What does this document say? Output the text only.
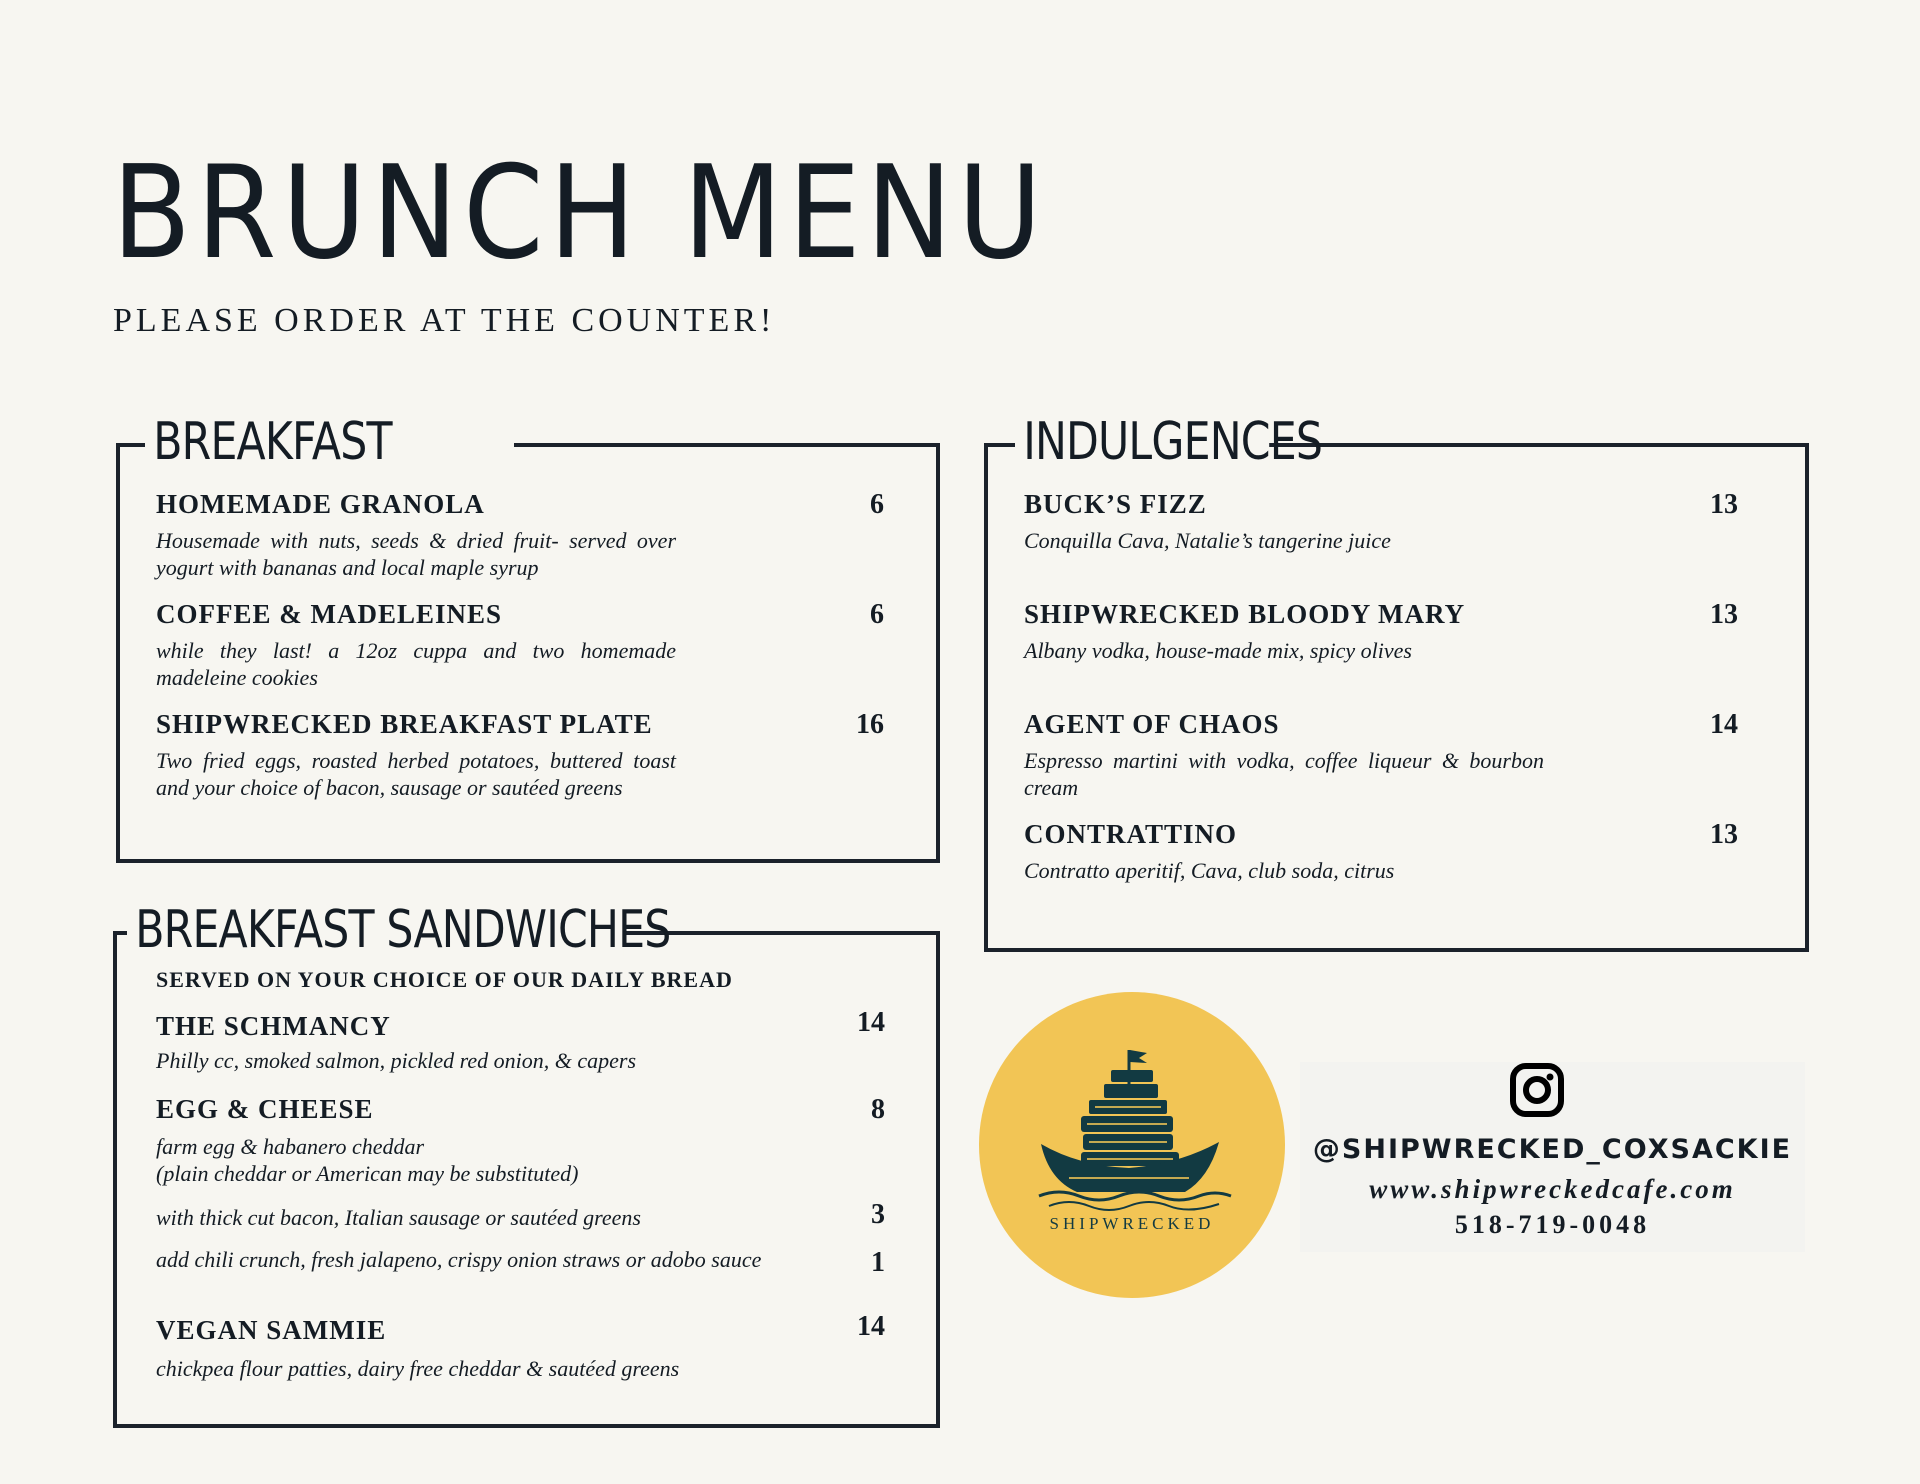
BRUNCH MENU
PLEASE ORDER AT THE COUNTER!
BREAKFAST
HOMEMADE GRANOLA	6
Housemade with nuts, seeds & dried fruit- served over yogurt with bananas and local maple syrup
COFFEE & MADELEINES	6
while they last! a 12oz cuppa and two homemade madeleine cookies
SHIPWRECKED BREAKFAST PLATE	16
Two fried eggs, roasted herbed potatoes, buttered toast and your choice of bacon, sausage or sautéed greens
BREAKFAST SANDWICHES
SERVED ON YOUR CHOICE OF OUR DAILY BREAD
THE SCHMANCY	14
Philly cc, smoked salmon, pickled red onion, & capers
EGG & CHEESE	8
farm egg & habanero cheddar
(plain cheddar or American may be substituted)
with thick cut bacon, Italian sausage or sautéed greens	3
add chili crunch, fresh jalapeno, crispy onion straws or adobo sauce	1
VEGAN SAMMIE	14
chickpea flour patties, dairy free cheddar & sautéed greens
INDULGENCES
BUCK’S FIZZ	13
Conquilla Cava, Natalie’s tangerine juice
SHIPWRECKED BLOODY MARY	13
Albany vodka, house-made mix, spicy olives
AGENT OF CHAOS	14
Espresso martini with vodka, coffee liqueur & bourbon cream
CONTRATTINO	13
Contratto aperitif, Cava, club soda, citrus
SHIPWRECKED
@SHIPWRECKED_COXSACKIE
www.shipwreckedcafe.com
518-719-0048
